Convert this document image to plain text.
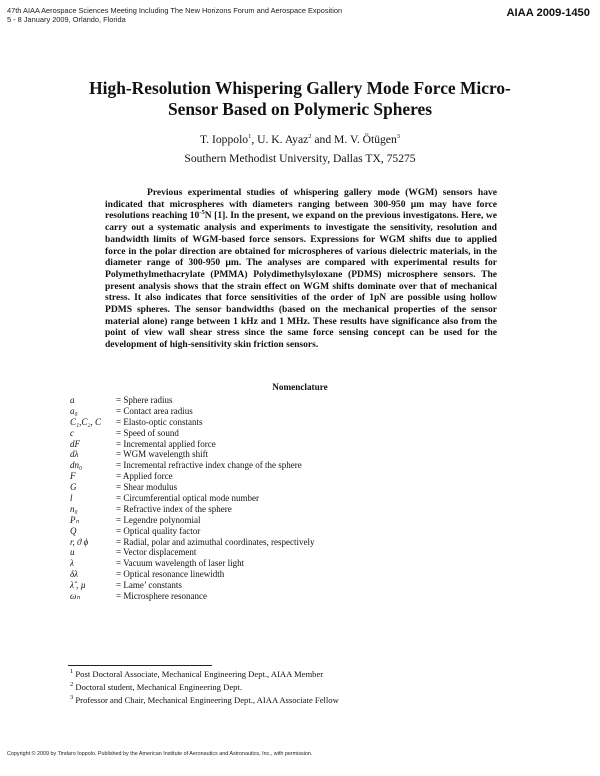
47th AIAA Aerospace Sciences Meeting Including The New Horizons Forum and Aerospace Exposition
5 - 8 January 2009, Orlando, Florida
AIAA 2009-1450
High-Resolution Whispering Gallery Mode Force Micro-
Sensor Based on Polymeric Spheres
T. Ioppolo$^1$, U. K. Ayaz$^2$ and M. V. Ötügen$^3$
Southern Methodist University, Dallas TX, 75275

Previous experimental studies of whispering gallery mode (WGM) sensors have indicated that microspheres with diameters ranging between 300-950 µm may have force resolutions reaching $10^{-5}N$ [1]. In the present, we expand on the previous investigatons. Here, we carry out a systematic analysis and experiments to investigate the sensitivity, resolution and bandwidth limits of WGM-based force sensors. Expressions for WGM shifts due to applied force in the polar direction are obtained for microspheres of various dielectric materials, in the diameter range of 300-950 µm. The analyses are compared with experimental results for Polymethylmethacrylate (PMMA) Polydimethylsyloxane (PDMS) microsphere sensors. The present analysis shows that the strain effect on WGM shifts dominate over that of mechanical stress. It also indicates that force sensitivities of the order of 1pN are possible using hollow PDMS spheres. The sensor bandwidths (based on the mechanical properties of the sensor material alone) range between 1 kHz and 1 MHz. These results have significance also from the point of view wall shear stress since the same force sensing concept can be used for the development of high-sensitivity skin friction sensors.

Nomenclature
a	= Sphere radius
a₀	= Contact area radius
C₁,C₂, C = Elasto-optic constants
c	= Speed of sound
dF	= Incremental applied force
dλ	= WGM wavelength shift
dn₀	= Incremental refractive index change of the sphere
F	= Applied force
G	= Shear modulus
l	= Circumferential optical mode number
n₀	= Refractive index of the sphere
Pₙ	= Legendre polynomial
Q	= Optical quality factor
r, ϑ ϕ	= Radial, polar and azimuthal coordinates, respectively
u	= Vector displacement
λ	= Vacuum wavelength of laser light
δλ	= Optical resonance linewidth
λ̂ , µ	= Lame’ constants
ωₙ	= Microsphere resonance
$^1$ Post Doctoral Associate, Mechanical Engineering Dept., AIAA Member
$^2$ Doctoral student, Mechanical Engineering Dept.
$^3$ Professor and Chair, Mechanical Engineering Dept., AIAA Associate Fellow
Copyright © 2009 by Tindaro Ioppolo. Published by the American Institute of Aeronautics and Astronautics, Inc., with permission.
